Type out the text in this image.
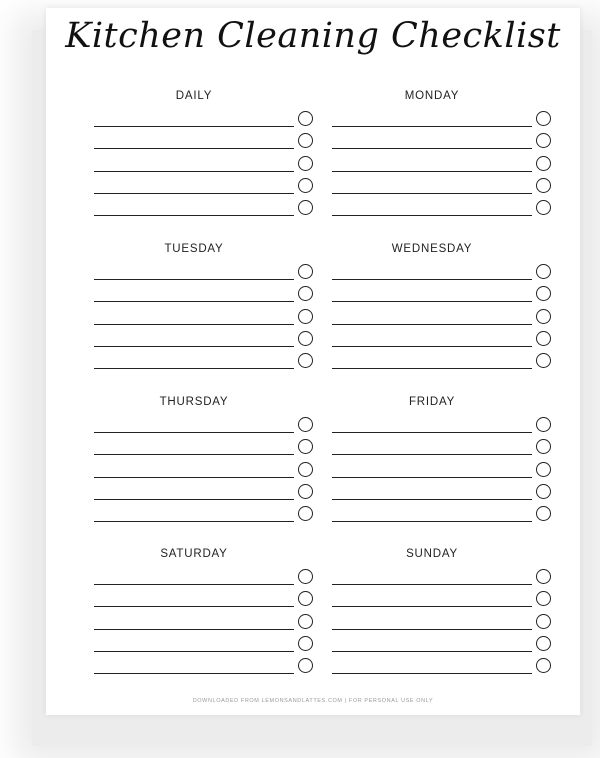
Kitchen Cleaning Checklist
DAILY	MONDAY
TUESDAY	WEDNESDAY
THURSDAY	FRIDAY
SATURDAY	SUNDAY
DOWNLOADED FROM LEMONSANDLATTES.COM | FOR PERSONAL USE ONLY
